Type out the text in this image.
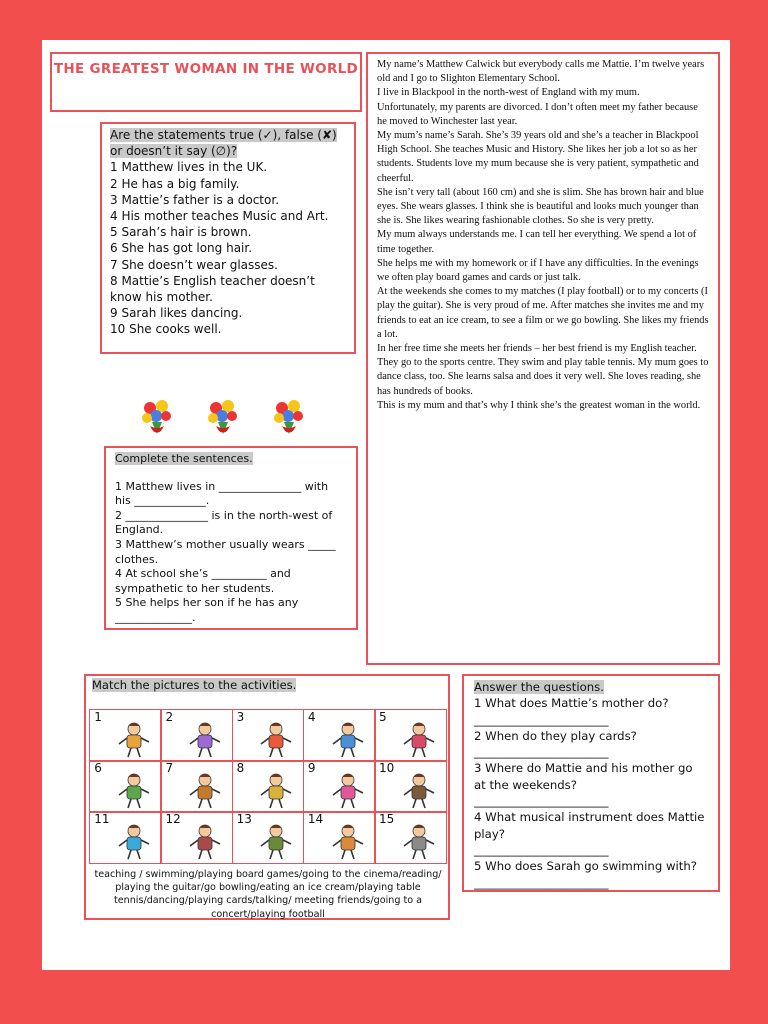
THE GREATEST WOMAN IN THE WORLD

Are the statements true (✓), false (✘) or doesn’t it say (∅)?

1 Matthew lives in the UK.

2 He has a big family.

3 Mattie’s father is a doctor.

4 His mother teaches Music and Art.

5 Sarah’s hair is brown.

6 She has got long hair.

7 She doesn’t wear glasses.

8 Mattie’s English teacher doesn’t know his mother.

9 Sarah likes dancing.

10 She cooks well.

Complete the sentences.

1 Matthew lives in _______________ with his _____________.

2 _______________ is in the north-west of England.

3 Matthew’s mother usually wears _____ clothes.

4 At school she’s __________ and sympathetic to her students.

5 She helps her son if he has any ______________.

My name’s Matthew Calwick but everybody calls me Mattie. I’m twelve years old and I go to Slighton Elementary School.

I live in Blackpool in the north-west of England with my mum.

Unfortunately, my parents are divorced. I don’t often meet my father because he moved to Winchester last year.

My mum’s name’s Sarah. She’s 39 years old and she’s a teacher in Blackpool High School. She teaches Music and History. She likes her job a lot so as her students. Students love my mum because she is very patient, sympathetic and cheerful.

She isn’t very tall (about 160 cm) and she is slim. She has brown hair and blue eyes. She wears glasses. I think she is beautiful and looks much younger than she is. She likes wearing fashionable clothes. So she is very pretty.

My mum always understands me. I can tell her everything. We spend a lot of time together.

She helps me with my homework or if I have any difficulties. In the evenings we often play board games and cards or just talk.

At the weekends she comes to my matches (I play football) or to my concerts (I play the guitar). She is very proud of me. After matches she invites me and my friends to eat an ice cream, to see a film or we go bowling. She likes my friends a lot.

In her free time she meets her friends – her best friend is my English teacher. They go to the sports centre. They swim and play table tennis. My mum goes to dance class, too. She learns salsa and does it very well. She loves reading, she has hundreds of books.

This is my mum and that’s why I think she’s the greatest woman in the world.

Match the pictures to the activities.
1	2	3	4	5
6	7	8	9	10
11	12	13	14	15
teaching / swimming/playing board games/going to the cinema/reading/ playing the guitar/go bowling/eating an ice cream/playing table tennis/dancing/playing cards/talking/ meeting friends/going to a concert/playing football

Answer the questions.

1 What does Mattie’s mother do?

_______________________

2 When do they play cards?

_______________________

3 Where do Mattie and his mother go at the weekends?

_______________________

4 What musical instrument does Mattie play?

_______________________

5 Who does Sarah go swimming with? _______________________
